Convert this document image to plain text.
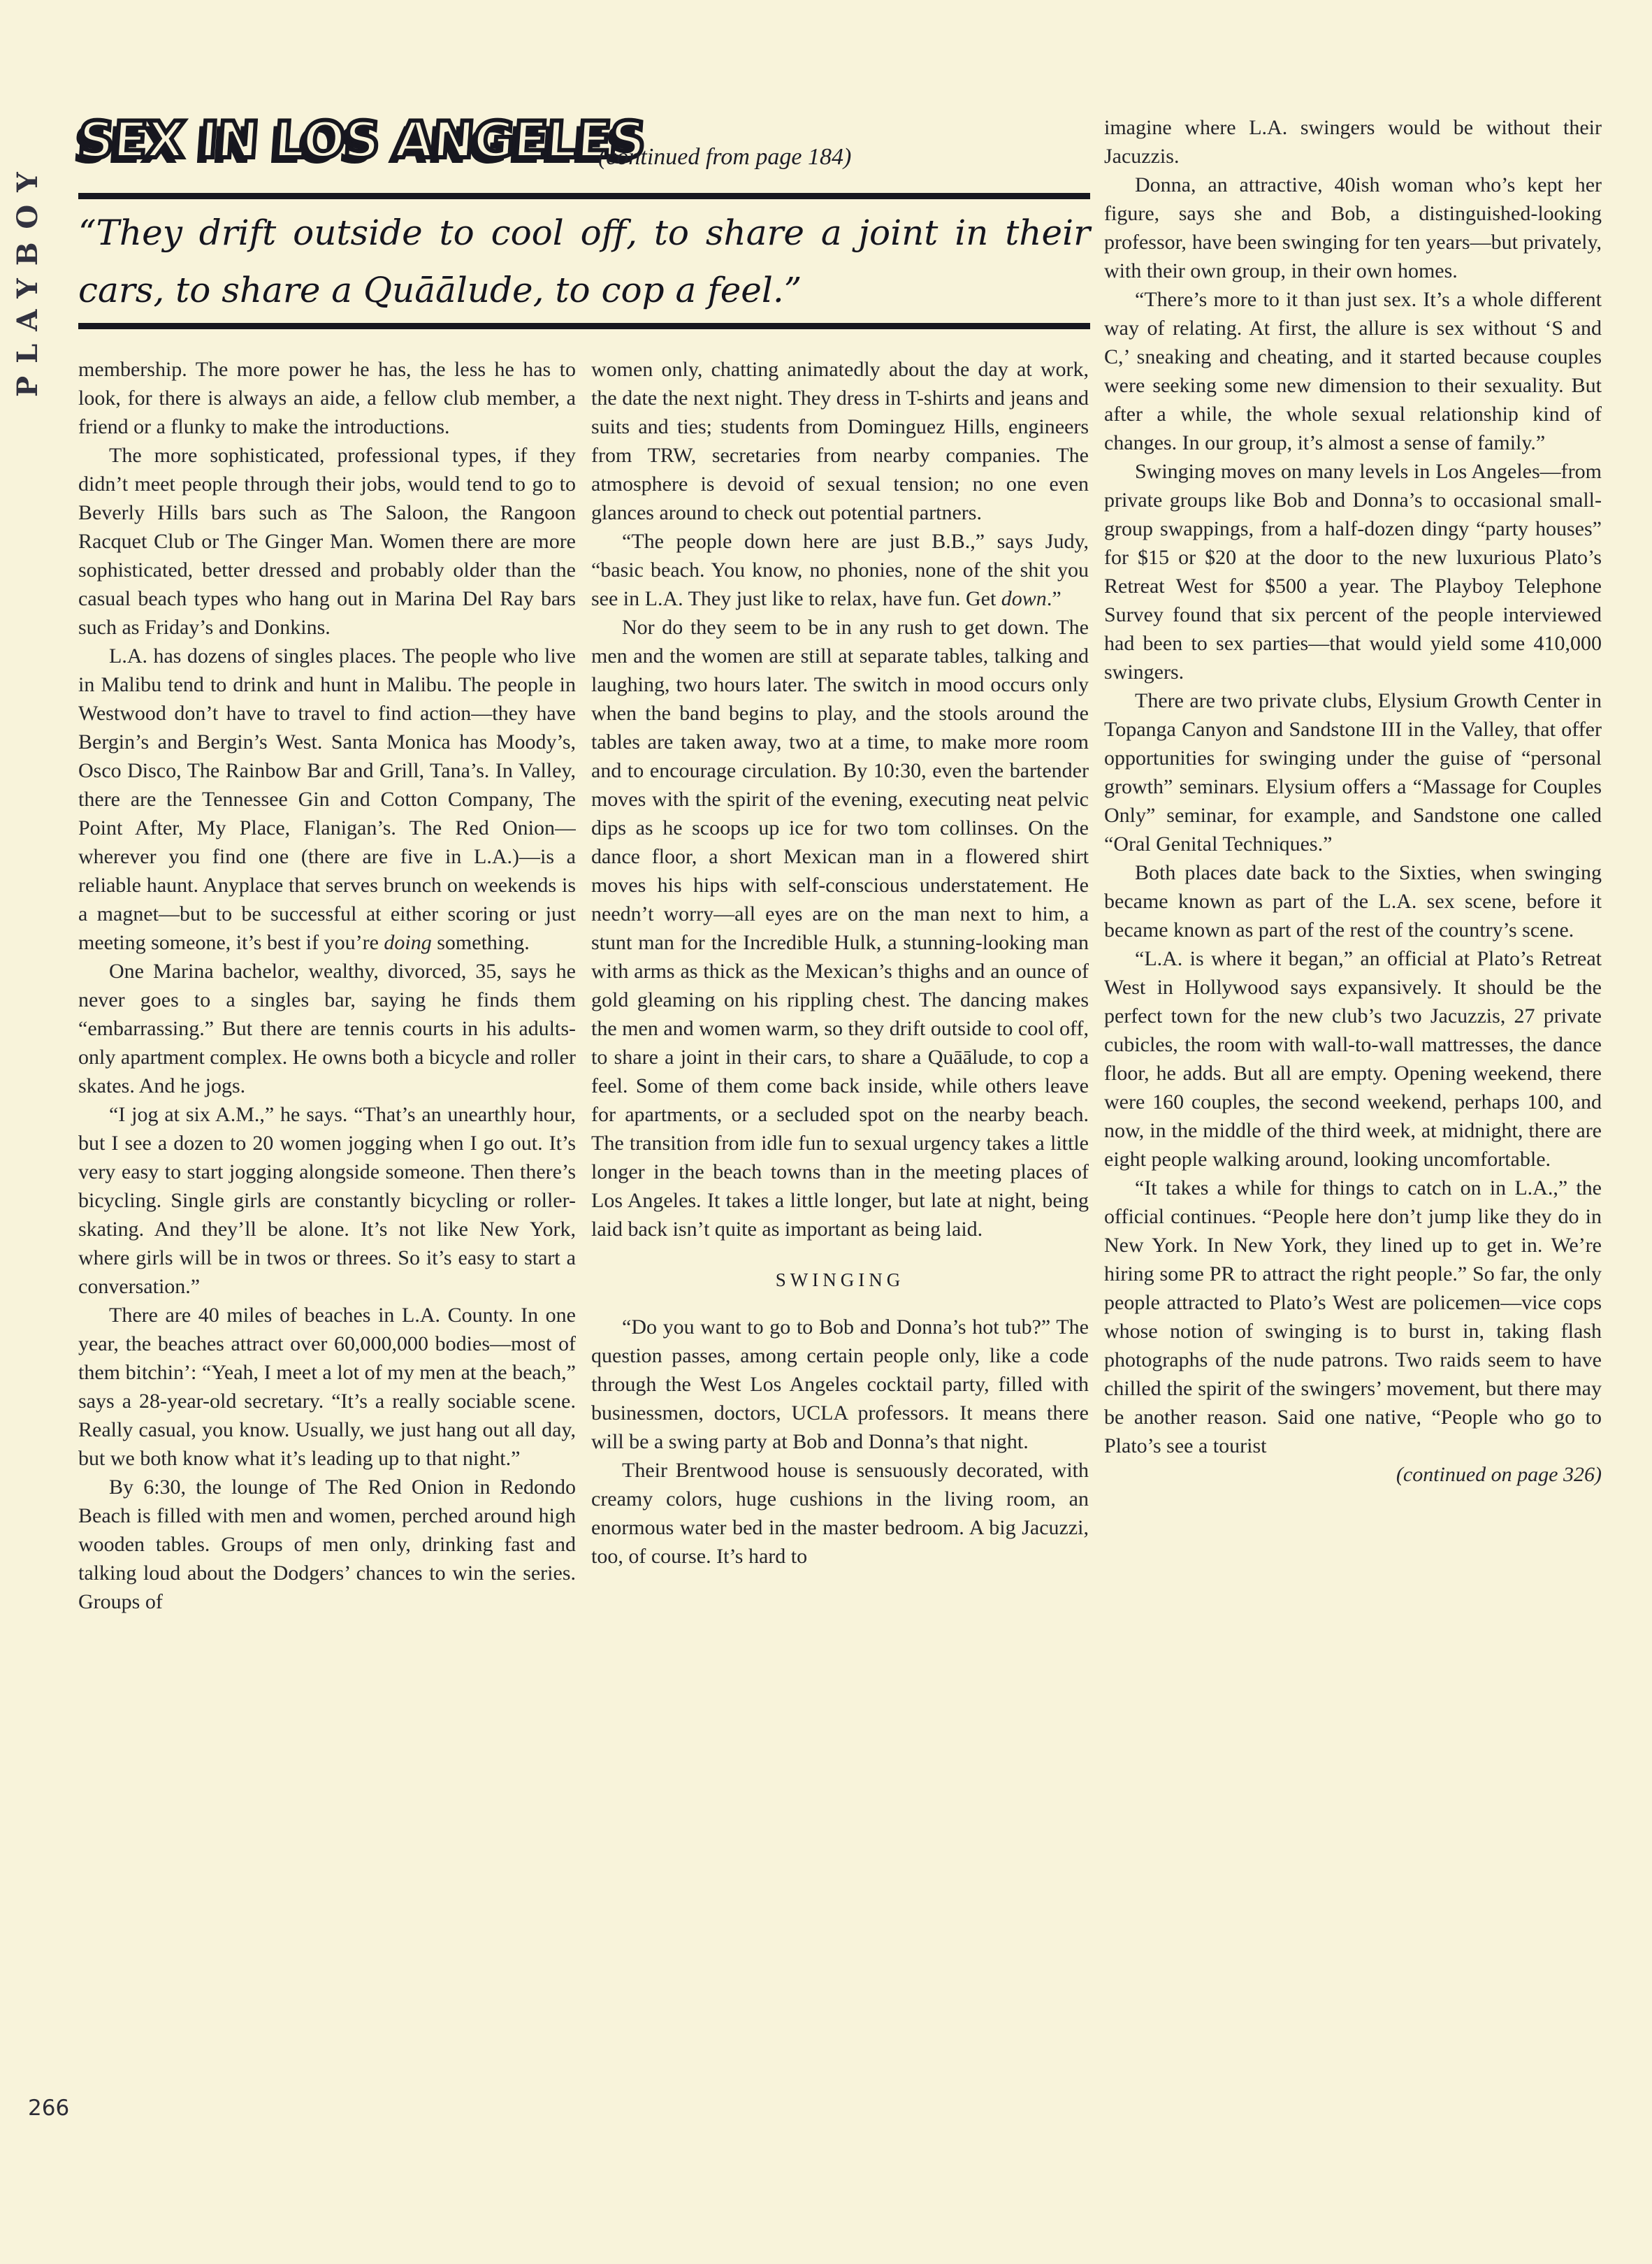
PLAYBOY
SEX IN LOS ANGELES
(continued from page 184)
“They drift outside to cool off, to share a joint in their cars, to share a Quāālude, to cop a feel.”

membership. The more power he has, the less he has to look, for there is always an aide, a fellow club member, a friend or a flunky to make the introductions.

The more sophisticated, professional types, if they didn’t meet people through their jobs, would tend to go to Beverly Hills bars such as The Saloon, the Rangoon Racquet Club or The Ginger Man. Women there are more sophisticated, better dressed and probably older than the casual beach types who hang out in Marina Del Ray bars such as Friday’s and Donkins.

L.A. has dozens of singles places. The people who live in Malibu tend to drink and hunt in Malibu. The people in Westwood don’t have to travel to find action—they have Bergin’s and Bergin’s West. Santa Monica has Moody’s, Osco Disco, The Rainbow Bar and Grill, Tana’s. In Valley, there are the Tennessee Gin and Cotton Company, The Point After, My Place, Flanigan’s. The Red Onion—wherever you find one (there are five in L.A.)—is a reliable haunt. Anyplace that serves brunch on weekends is a magnet—but to be successful at either scoring or just meeting someone, it’s best if you’re doing something.

One Marina bachelor, wealthy, divorced, 35, says he never goes to a singles bar, saying he finds them “embarrassing.” But there are tennis courts in his adults-only apartment complex. He owns both a bicycle and roller skates. And he jogs.

“I jog at six A.M.,” he says. “That’s an unearthly hour, but I see a dozen to 20 women jogging when I go out. It’s very easy to start jogging alongside someone. Then there’s bicycling. Single girls are constantly bicycling or roller-skating. And they’ll be alone. It’s not like New York, where girls will be in twos or threes. So it’s easy to start a conversation.”

There are 40 miles of beaches in L.A. County. In one year, the beaches attract over 60,000,000 bodies—most of them bitchin’: “Yeah, I meet a lot of my men at the beach,” says a 28-year-old secretary. “It’s a really sociable scene. Really casual, you know. Usually, we just hang out all day, but we both know what it’s leading up to that night.”

By 6:30, the lounge of The Red Onion in Redondo Beach is filled with men and women, perched around high wooden tables. Groups of men only, drinking fast and talking loud about the Dodgers’ chances to win the series. Groups of

women only, chatting animatedly about the day at work, the date the next night. They dress in T-shirts and jeans and suits and ties; students from Dominguez Hills, engineers from TRW, secretaries from nearby companies. The atmosphere is devoid of sexual tension; no one even glances around to check out potential partners.

“The people down here are just B.B.,” says Judy, “basic beach. You know, no phonies, none of the shit you see in L.A. They just like to relax, have fun. Get down.”

Nor do they seem to be in any rush to get down. The men and the women are still at separate tables, talking and laughing, two hours later. The switch in mood occurs only when the band begins to play, and the stools around the tables are taken away, two at a time, to make more room and to encourage circulation. By 10:30, even the bartender moves with the spirit of the evening, executing neat pelvic dips as he scoops up ice for two tom collinses. On the dance floor, a short Mexican man in a flowered shirt moves his hips with self-conscious understatement. He needn’t worry—all eyes are on the man next to him, a stunt man for the Incredible Hulk, a stunning-looking man with arms as thick as the Mexican’s thighs and an ounce of gold gleaming on his rippling chest. The dancing makes the men and women warm, so they drift outside to cool off, to share a joint in their cars, to share a Quāālude, to cop a feel. Some of them come back inside, while others leave for apartments, or a secluded spot on the nearby beach. The transition from idle fun to sexual urgency takes a little longer in the beach towns than in the meeting places of Los Angeles. It takes a little longer, but late at night, being laid back isn’t quite as important as being laid.

SWINGING

“Do you want to go to Bob and Donna’s hot tub?” The question passes, among certain people only, like a code through the West Los Angeles cocktail party, filled with businessmen, doctors, UCLA professors. It means there will be a swing party at Bob and Donna’s that night.

Their Brentwood house is sensuously decorated, with creamy colors, huge cushions in the living room, an enormous water bed in the master bedroom. A big Jacuzzi, too, of course. It’s hard to

imagine where L.A. swingers would be without their Jacuzzis.

Donna, an attractive, 40ish woman who’s kept her figure, says she and Bob, a distinguished-looking professor, have been swinging for ten years—but privately, with their own group, in their own homes.

“There’s more to it than just sex. It’s a whole different way of relating. At first, the allure is sex without ‘S and C,’ sneaking and cheating, and it started because couples were seeking some new dimension to their sexuality. But after a while, the whole sexual relationship kind of changes. In our group, it’s almost a sense of family.”

Swinging moves on many levels in Los Angeles—from private groups like Bob and Donna’s to occasional small-group swappings, from a half-dozen dingy “party houses” for $15 or $20 at the door to the new luxurious Plato’s Retreat West for $500 a year. The Playboy Telephone Survey found that six percent of the people interviewed had been to sex parties—that would yield some 410,000 swingers.

There are two private clubs, Elysium Growth Center in Topanga Canyon and Sandstone III in the Valley, that offer opportunities for swinging under the guise of “personal growth” seminars. Elysium offers a “Massage for Couples Only” seminar, for example, and Sandstone one called “Oral Genital Techniques.”

Both places date back to the Sixties, when swinging became known as part of the L.A. sex scene, before it became known as part of the rest of the country’s scene.

“L.A. is where it began,” an official at Plato’s Retreat West in Hollywood says expansively. It should be the perfect town for the new club’s two Jacuzzis, 27 private cubicles, the room with wall-to-wall mattresses, the dance floor, he adds. But all are empty. Opening weekend, there were 160 couples, the second weekend, perhaps 100, and now, in the middle of the third week, at midnight, there are eight people walking around, looking uncomfortable.

“It takes a while for things to catch on in L.A.,” the official continues. “People here don’t jump like they do in New York. In New York, they lined up to get in. We’re hiring some PR to attract the right people.” So far, the only people attracted to Plato’s West are policemen—vice cops whose notion of swinging is to burst in, taking flash photographs of the nude patrons. Two raids seem to have chilled the spirit of the swingers’ movement, but there may be another reason. Said one native, “People who go to Plato’s see a tourist

(continued on page 326)

266
